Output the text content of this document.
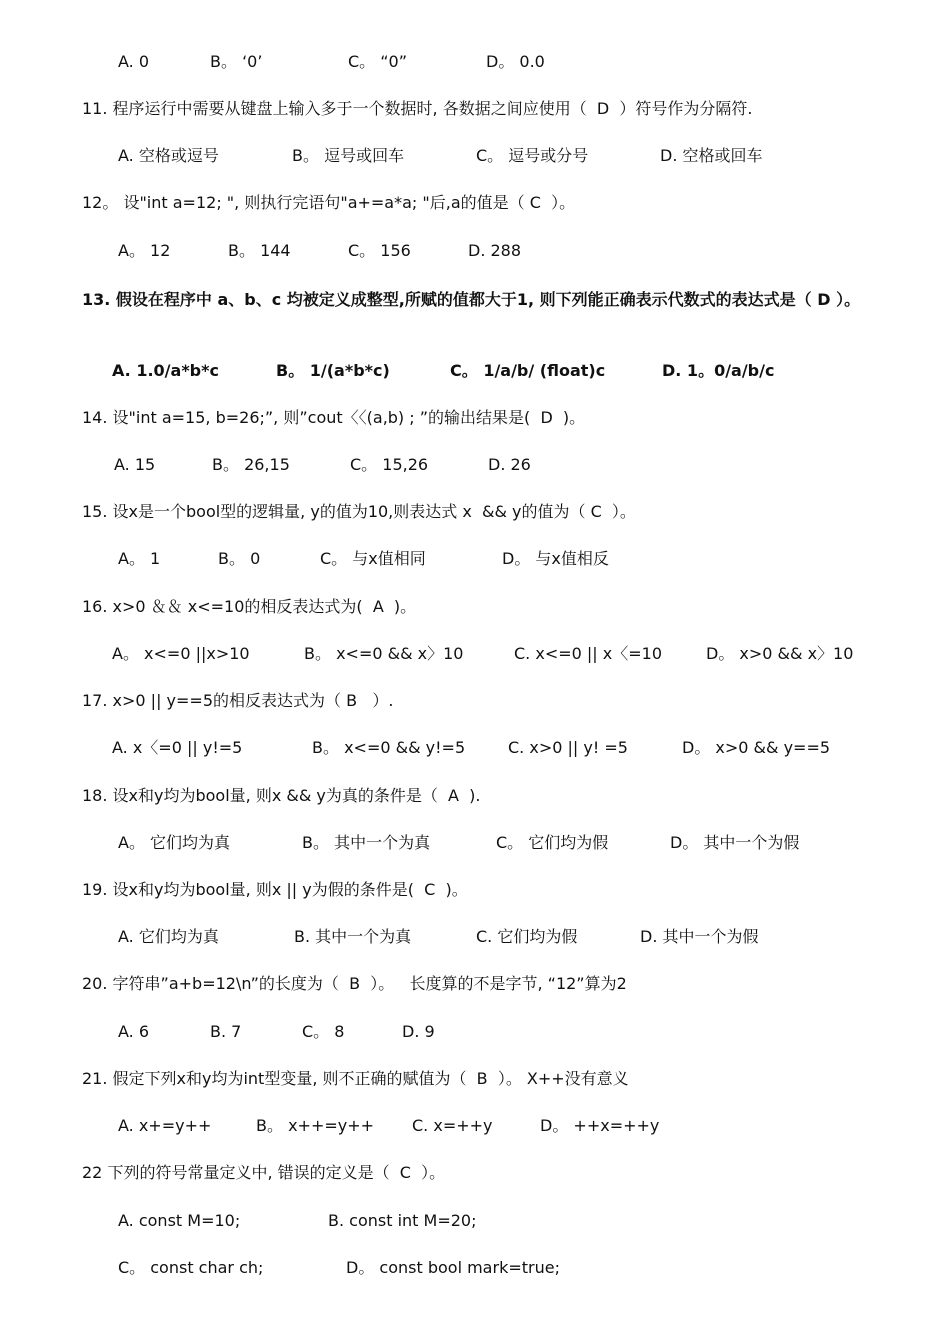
A. 0	B。 ‘0’	C。 “0”	D。 0.0
11. 程序运行中需要从键盘上输入多于一个数据时, 各数据之间应使用（  D  ）符号作为分隔符.
A. 空格或逗号	B。 逗号或回车	C。 逗号或分号	D. 空格或回车
12。 设"int a=12; ", 则执行完语句"a+=a*a; "后,a的值是（ C  ）。
A。 12	B。 144	C。 156	D. 288
13. 假设在程序中 a、b、c 均被定义成整型,所赋的值都大于1, 则下列能正确表示代数式的表达式是（ D ）。
A. 1.0/a*b*c	B。 1/(a*b*c)	C。 1/a/b/ (float)c	D. 1。0/a/b/c
14. 设"int a=15, b=26;”, 则”cout〈〈(a,b) ; ”的输出结果是(  D  )。
A. 15	B。 26,15	C。 15,26	D. 26
15. 设x是一个bool型的逻辑量, y的值为10,则表达式 x  && y的值为（ C  ）。
A。 1	B。 0	C。 与x值相同	D。 与x值相反
16. x>0 ＆＆ x<=10的相反表达式为(  A  )。
A。 x<=0 ||x>10	B。 x<=0 && x〉10	C. x<=0 || x〈=10	D。 x>0 && x〉10
17. x>0 || y==5的相反表达式为（ B   ）.
A. x〈=0 || y!=5	B。 x<=0 && y!=5	C. x>0 || y! =5	D。 x>0 && y==5
18. 设x和y均为bool量, 则x && y为真的条件是（  A  ).
A。 它们均为真	B。 其中一个为真	C。 它们均为假	D。 其中一个为假
19. 设x和y均为bool量, 则x || y为假的条件是(  C  )。
A. 它们均为真	B. 其中一个为真	C. 它们均为假	D. 其中一个为假
20. 字符串”a+b=12\n”的长度为（  B  ）。   长度算的不是字节, “12”算为2
A. 6	B. 7	C。 8	D. 9
21. 假定下列x和y均为int型变量, 则不正确的赋值为（  B  ）。 X++没有意义
A. x+=y++	B。 x++=y++ C. x=++y	D。 ++x=++y
22 下列的符号常量定义中, 错误的定义是（  C  ）。
A. const M=10;	B. const int M=20;
C。 const char ch;	D。 const bool mark=true;
